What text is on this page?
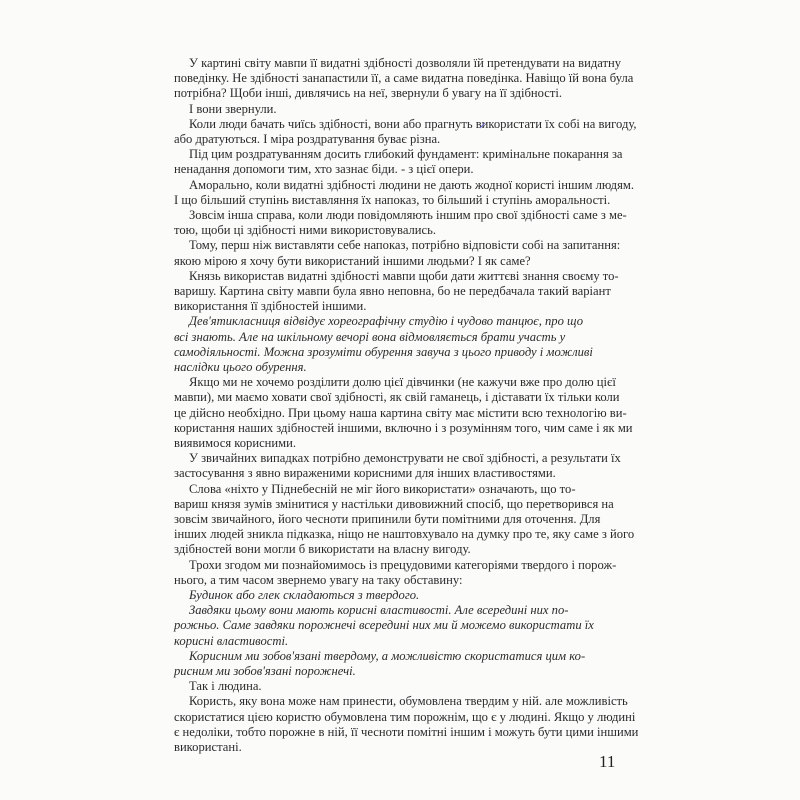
У картині світу мавпи її видатні здібності дозволяли їй претендувати на видатну
поведінку. Не здібності занапастили її, а саме видатна поведінка. Навіщо їй вона була
потрібна? Щоби інші, дивлячись на неї, звернули б увагу на її здібності.
І вони звернули.
Коли люди бачать чиїсь здібності, вони або прагнуть використати їх собі на вигоду,
або дратуються. І міра роздратування буває різна.
Під цим роздратуванням досить глибокий фундамент: кримінальне покарання за
ненадання допомоги тим, хто зазнає біди. - з цієї опери.
Аморально, коли видатні здібності людини не дають жодної користі іншим людям.
І що більший ступінь виставляння їх напоказ, то більший і ступінь аморальності.
Зовсім інша справа, коли люди повідомляють іншим про свої здібності саме з ме-
тою, щоби ці здібності ними використовувались.
Тому, перш ніж виставляти себе напоказ, потрібно відповісти собі на запитання:
якою мірою я хочу бути використаний іншими людьми? І як саме?
Князь використав видатні здібності мавпи щоби дати життєві знання своєму то-
варишу. Картина світу мавпи була явно неповна, бо не передбачала такий варіант
використання її здібностей іншими.
Дев'ятикласниця відвідує хореографічну студію і чудово танцює, про що
всі знають. Але на шкільному вечорі вона відмовляється брати участь у
самодіяльності. Можна зрозуміти обурення завуча з цього приводу і можливі
наслідки цього обурення.
Якщо ми не хочемо розділити долю цієї дівчинки (не кажучи вже про долю цієї
мавпи), ми маємо ховати свої здібності, як свій гаманець, і діставати їх тільки коли
це дійсно необхідно. При цьому наша картина світу має містити всю технологію ви-
користання наших здібностей іншими, включно і з розумінням того, чим саме і як ми
виявимося корисними.
У звичайних випадках потрібно демонструвати не свої здібності, а результати їх
застосування з явно вираженими корисними для інших властивостями.
Слова «ніхто у Піднебесній не міг його використати» означають, що то-
вариш князя зумів змінитися у настільки дивовижний спосіб, що перетворився на
зовсім звичайного, його чесноти припинили бути помітними для оточення. Для
інших людей зникла підказка, ніщо не наштовхувало на думку про те, яку саме з його
здібностей вони могли б використати на власну вигоду.
Трохи згодом ми познайомимось із прецудовими категоріями твердого і порож-
нього, а тим часом звернемо увагу на таку обставину:
Будинок або глек складаються з твердого.
Завдяки цьому вони мають корисні властивості. Але всередині них по-
рожньо. Саме завдяки порожнечі всередині них ми й можемо використати їх
корисні властивості.
Корисним ми зобов'язані твердому, а можливістю скористатися цим ко-
рисним ми зобов'язані порожнечі.
Так і людина.
Користь, яку вона може нам принести, обумовлена твердим у ній. але можливість
скористатися цією користю обумовлена тим порожнім, що є у людині. Якщо у людині
є недоліки, тобто порожне в ній, її чесноти помітні іншим і можуть бути цими іншими
використані.
11
